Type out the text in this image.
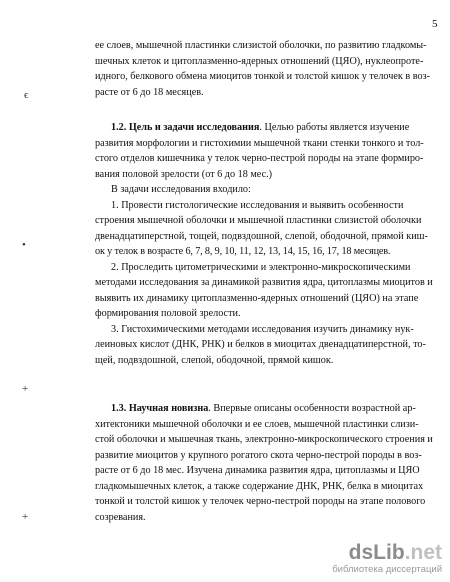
5
ϵ
•
+
+
ее слоев, мышечной пластинки слизистой оболочки, по развитию гладкомы-
шечных клеток и цитоплазменно-ядерных отношений (ЦЯО), нуклеопроте-
идного, белкового обмена миоцитов тонкой и толстой кишок у телочек в воз-
расте от 6 до 18 месяцев.
1.2. Цель и задачи исследования. Целью работы является изучение
развития морфологии и гистохимии мышечной ткани стенки тонкого и тол-
стого отделов кишечника у телок черно-пестрой породы на этапе формиро-
вания половой зрелости (от 6 до 18 мес.)
В задачи исследования входило:
1. Провести гистологические исследования и выявить особенности
строения мышечной оболочки и мышечной пластинки слизистой оболочки
двенадцатиперстной, тощей, подвздошной, слепой, ободочной, прямой киш-
ок у телок в возрасте 6, 7, 8, 9, 10, 11, 12, 13, 14, 15, 16, 17, 18 месяцев.
2. Проследить цитометрическими и электронно-микроскопическими
методами исследования за динамикой развития ядра, цитоплазмы миоцитов и
выявить их динамику цитоплазменно-ядерных отношений (ЦЯО) на этапе
формирования половой зрелости.
3. Гистохимическими методами исследования изучить динамику нук-
леиновых кислот (ДНК, РНК) и белков в миоцитах двенадцатиперстной, то-
щей, подвздошной, слепой, ободочной, прямой кишок.
1.3. Научная новизна. Впервые описаны особенности возрастной ар-
хитектоники мышечной оболочки и ее слоев, мышечной пластинки слизи-
стой оболочки и мышечная ткань, электронно-микроскопического строения и
развитие миоцитов у крупного рогатого скота черно-пестрой породы в воз-
расте от 6 до 18 мес. Изучена динамика развития ядра, цитоплазмы и ЦЯО
гладкомышечных клеток, а также содержание ДНК, РНК, белка в миоцитах
тонкой и толстой кишок у телочек черно-пестрой породы на этапе полового
созревания.
dsLib.net
библиотека диссертаций
